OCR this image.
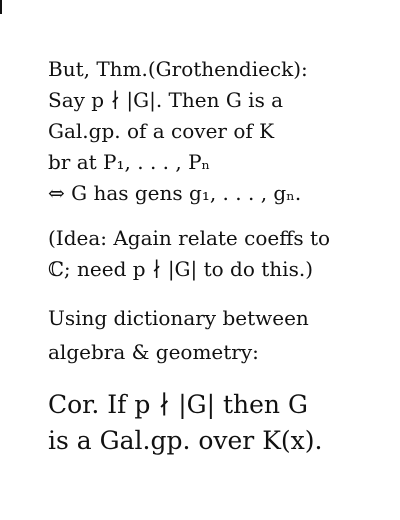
But, Thm.(Grothendieck):
Say p ∤ |G|. Then G is a
Gal.gp. of a cover of K
br at P₁, . . . , Pₙ
⇔ G has gens g₁, . . . , gₙ.
(Idea: Again relate coeffs to
ℂ; need p ∤ |G| to do this.)
Using dictionary between
algebra & geometry:
Cor. If p ∤ |G| then G
is a Gal.gp. over K(x).
